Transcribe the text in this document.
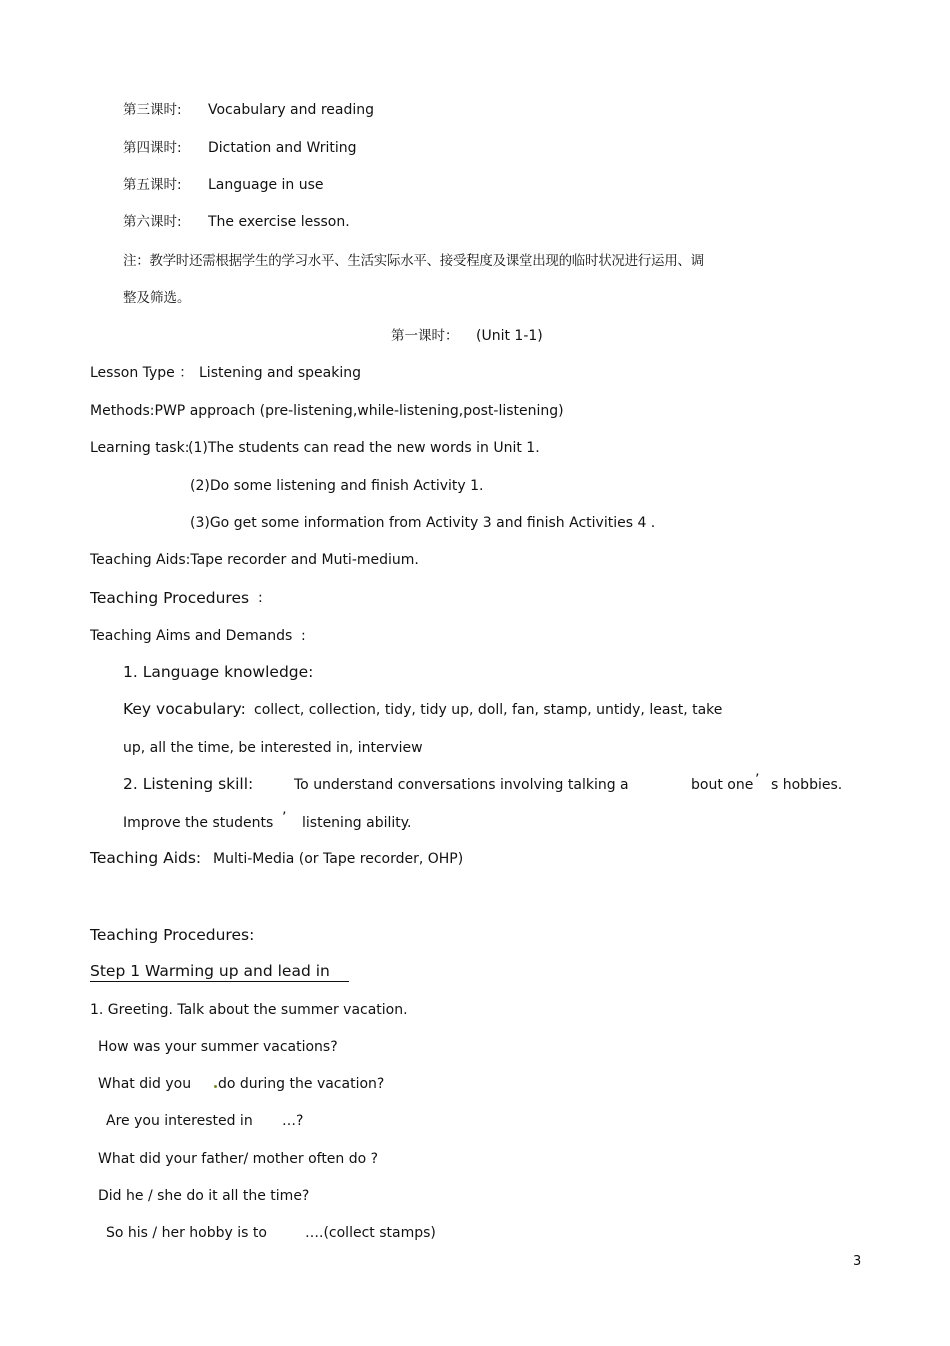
第三课时: Vocabulary and reading
第四课时: Dictation and Writing
第五课时: Language in use
第六课时: The exercise lesson.
注：教学时还需根据学生的学习水平、生活实际水平、接受程度及课堂出现的临时状况进行运用、调
整及筛选。
第一课时： (Unit 1-1)
Lesson Type ： Listening and speaking
Methods:PWP approach (pre-listening,while-listening,post-listening)
Learning task:
(1)The students can read the new words in Unit 1.
(2)Do some listening and finish Activity 1.
(3)Go get some information from Activity 3 and finish Activities 4 .
Teaching Aids:Tape recorder and Muti-medium.
Teaching Procedures :
Teaching Aims and Demands :
1. Language knowledge:
Key vocabulary: collect, collection, tidy, tidy up, doll, fan, stamp, untidy, least, take
up, all the time, be interested in, interview
2. Listening skill:	To understand conversations involving talking a	bout one ’ s hobbies.
Improve the students ’ listening ability.
Teaching Aids: Multi-Media (or Tape recorder, OHP)
Teaching Procedures:
Step 1 Warming up and lead in
1. Greeting. Talk about the summer vacation.
How was your summer vacations?
What did you do during the vacation?
Are you interested in …?
What did your father/ mother often do ?
Did he / she do it all the time?
So his / her hobby is to	….(collect stamps)
3
